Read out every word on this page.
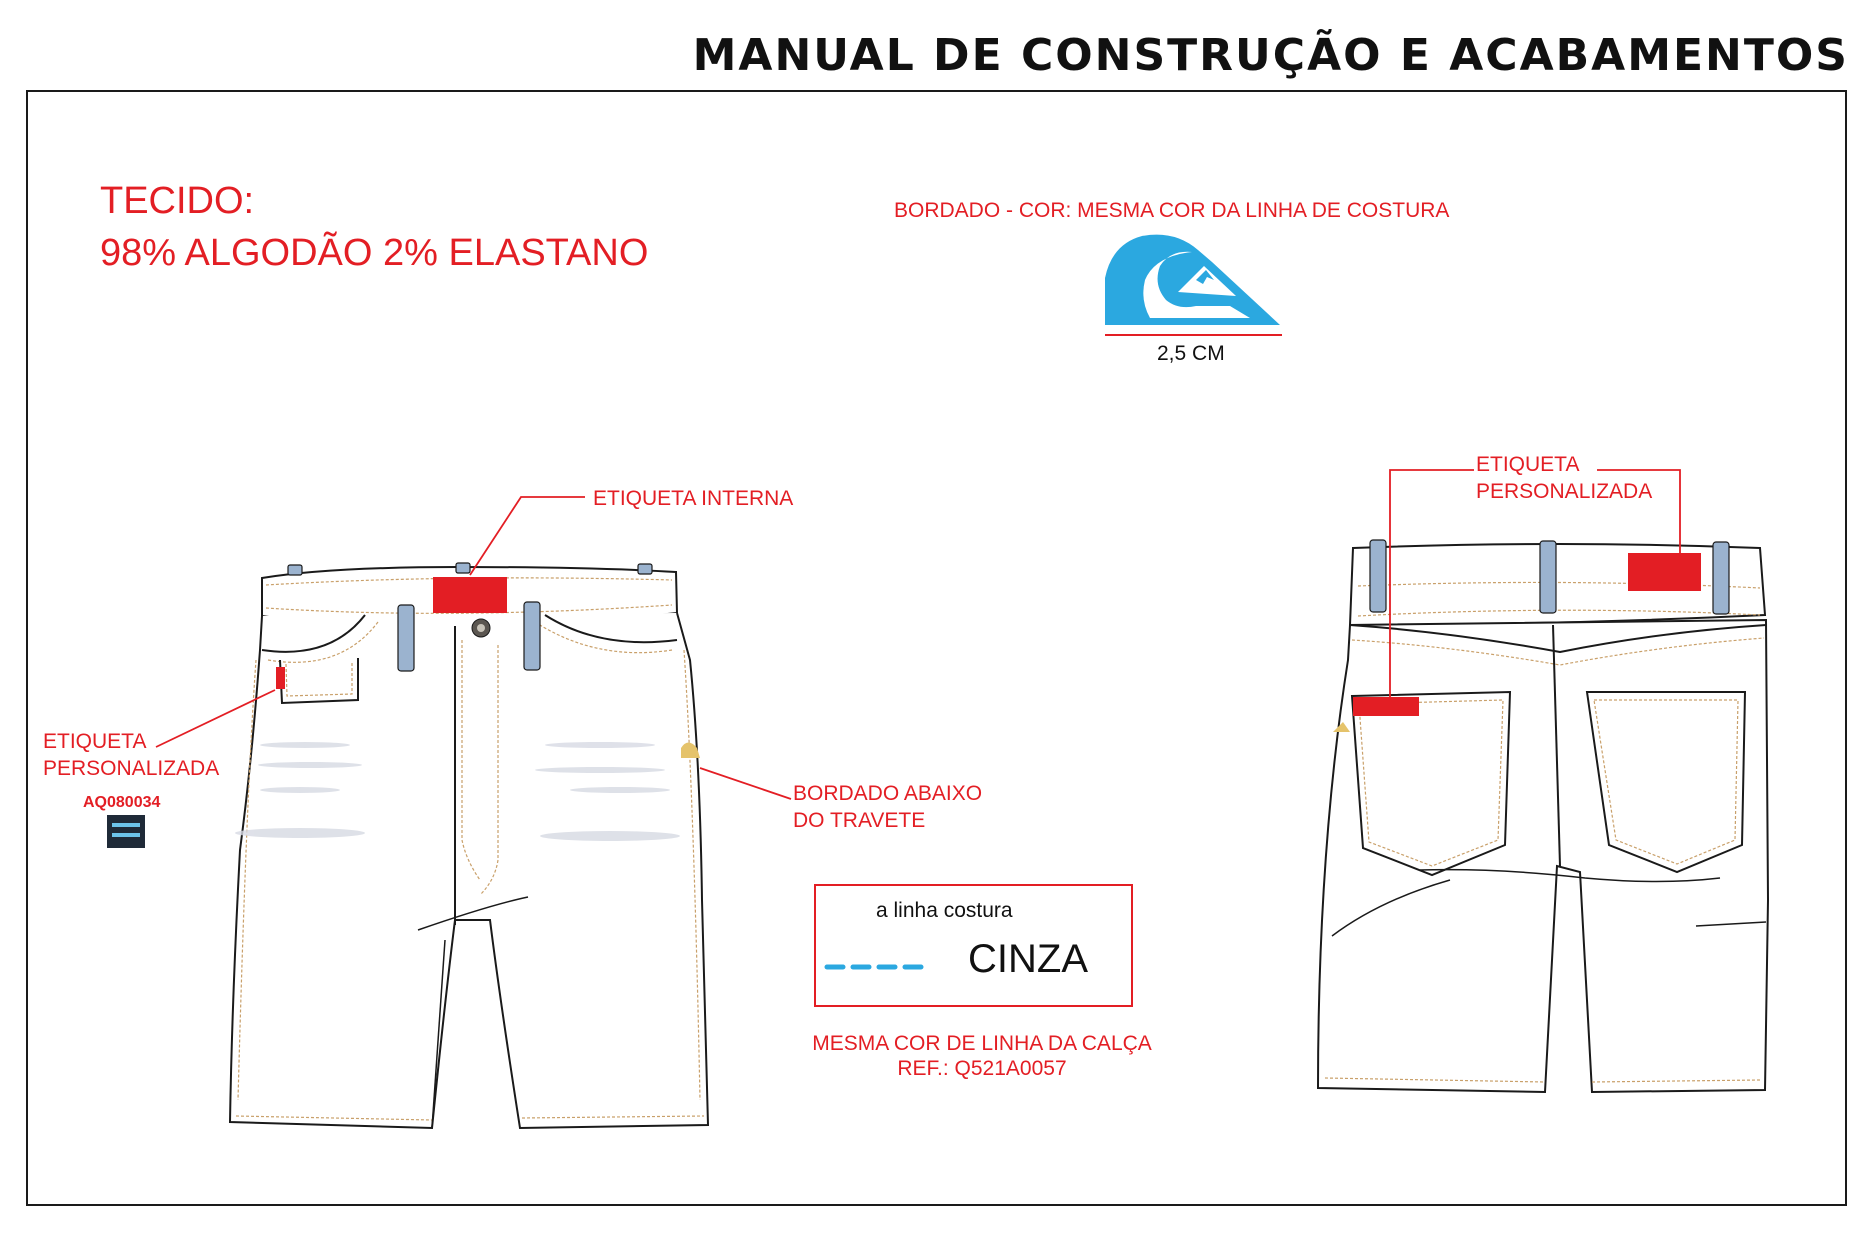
MANUAL DE CONSTRUÇÃO E ACABAMENTOS
TECIDO:
98% ALGODÃO 2% ELASTANO
BORDADO - COR: MESMA COR DA LINHA DE COSTURA
2,5 CM
ETIQUETA INTERNA
ETIQUETA
PERSONALIZADA
AQ080034	BORDADO ABAIXO
DO TRAVETE
ETIQUETA
PERSONALIZADA
a linha costura
CINZA
MESMA COR DE LINHA DA CALÇA
REF.: Q521A0057
